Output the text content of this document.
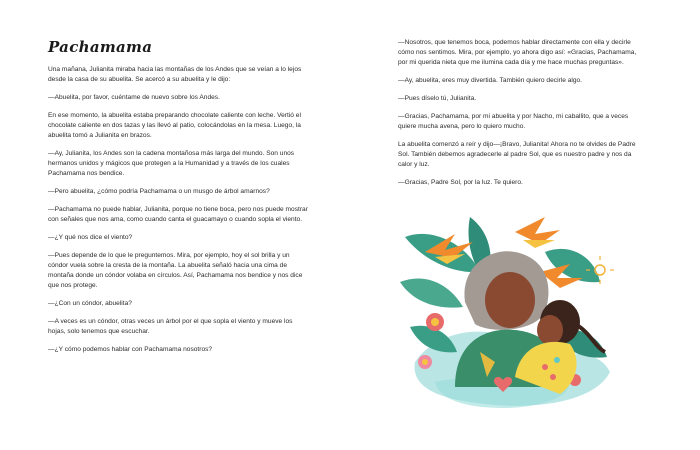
Pachamama

Una mañana, Julianita miraba hacia las montañas de los Andes que se veían a lo lejos desde la casa de su abuelita. Se acercó a su abuelita y le dijo:

—Abuelita, por favor, cuéntame de nuevo sobre los Andes.

En ese momento, la abuelita estaba preparando chocolate caliente con leche. Vertió el chocolate caliente en dos tazas y las llevó al patio, colocándolas en la mesa. Luego, la abuelita tomó a Julianita en brazos.

—Ay, Julianita, los Andes son la cadena montañosa más larga del mundo. Son unos hermanos unidos y mágicos que protegen a la Humanidad y a través de los cuales Pachamama nos bendice.

—Pero abuelita, ¿cómo podría Pachamama o un musgo de árbol amarnos?

—Pachamama no puede hablar, Julianita, porque no tiene boca, pero nos puede mostrar con señales que nos ama, como cuando canta el guacamayo o cuando sopla el viento.

—¿Y qué nos dice el viento?

—Pues depende de lo que le preguntemos. Mira, por ejemplo, hoy el sol brilla y un cóndor vuela sobre la cresta de la montaña. La abuelita señaló hacia una cima de montaña donde un cóndor volaba en círculos. Así, Pachamama nos bendice y nos dice que nos protege.

—¿Con un cóndor, abuelita?

—A veces es un cóndor, otras veces un árbol por el que sopla el viento y mueve los hojas, solo tenemos que escuchar.

—¿Y cómo podemos hablar con Pachamama nosotros?

—Nosotros, que tenemos boca, podemos hablar directamente con ella y decirle cómo nos sentimos. Mira, por ejemplo, yo ahora digo así: «Gracias, Pachamama, por mi querida nieta que me ilumina cada día y me hace muchas preguntas».

—Ay, abuelita, eres muy divertida. También quiero decirle algo.

—Pues díselo tú, Julianita.

—Gracias, Pachamama, por mi abuelita y por Nacho, mi caballito, que a veces quiere mucha avena, pero lo quiero mucho.

La abuelita comenzó a reír y dijo—¡Bravo, Julianita! Ahora no te olvides de Padre Sol. También debemos agradecerle al padre Sol, que es nuestro padre y nos da calor y luz.

—Gracias, Padre Sol, por la luz. Te quiero.
